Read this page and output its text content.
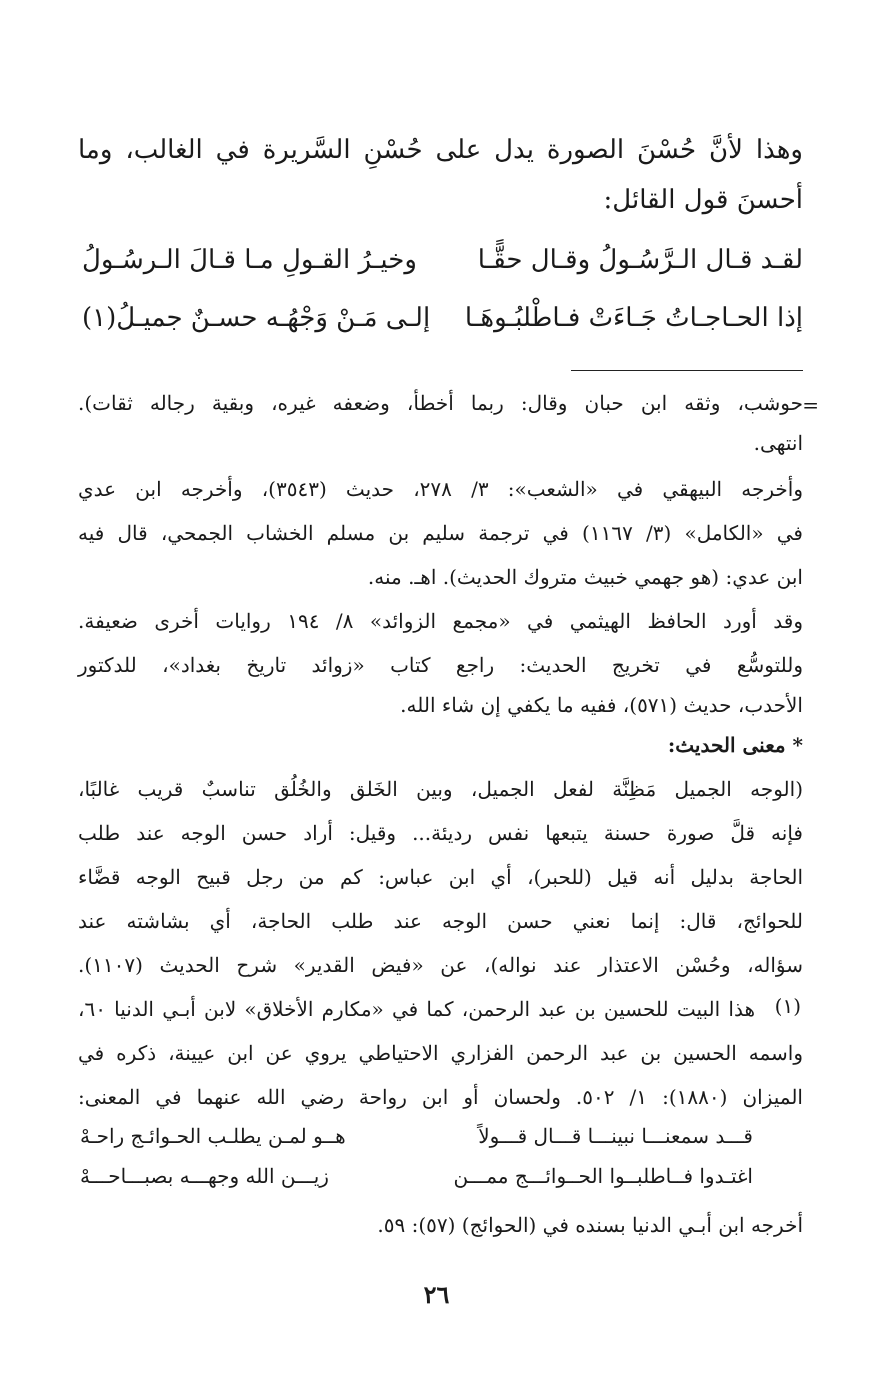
وهذا لأنَّ حُسْنَ الصورة يدل على حُسْنِ السَّريرة في الغالب، وما
أحسنَ قول القائل:
لقـد قـال الـرَّسُـولُ وقـال حقًّـا
وخيـرُ القـولِ مـا قـالَ الـرسُـولُ
إذا الحـاجـاتُ جَـاءَتْ فـاطْلبُـوهَـا
إلـى مَـنْ وَجْهُـه حسـنٌ جميـلُ(١)
=
حوشب، وثقه ابن حبان وقال: ربما أخطأ، وضعفه غيره، وبقية رجاله ثقات).
انتهى.
وأخرجه البيهقي في «الشعب»: ٣/ ٢٧٨، حديث (٣٥٤٣)، وأخرجه ابن عدي
في «الكامل» (٣/ ١١٦٧) في ترجمة سليم بن مسلم الخشاب الجمحي، قال فيه
ابن عدي: (هو جهمي خبيث متروك الحديث). اهـ. منه.
وقد أورد الحافظ الهيثمي في «مجمع الزوائد» ٨/ ١٩٤ روايات أخرى ضعيفة.
وللتوسُّع في تخريج الحديث: راجع كتاب «زوائد تاريخ بغداد»، للدكتور
الأحدب، حديث (٥٧١)، ففيه ما يكفي إن شاء الله.
* معنى الحديث:
(الوجه الجميل مَظِنَّة لفعل الجميل، وبين الخَلق والخُلُق تناسبٌ قريب غالبًا،
فإنه قلَّ صورة حسنة يتبعها نفس رديئة... وقيل: أراد حسن الوجه عند طلب
الحاجة بدليل أنه قيل (للحبر)، أي ابن عباس: كم من رجل قبيح الوجه قضَّاء
للحوائج، قال: إنما نعني حسن الوجه عند طلب الحاجة، أي بشاشته عند
سؤاله، وحُسْن الاعتذار عند نواله)، عن «فيض القدير» شرح الحديث (١١٠٧).
(١)
هذا البيت للحسين بن عبد الرحمن، كما في «مكارم الأخلاق» لابن أبـي الدنيا ٦٠،
واسمه الحسين بن عبد الرحمن الفزاري الاحتياطي يروي عن ابن عيينة، ذكره في
الميزان (١٨٨٠): ١/ ٥٠٢. ولحسان أو ابن رواحة رضي الله عنهما في المعنى:
قـــد سمعنـــا نبينـــا قـــال قـــولاً
هــو لمـن يطلـب الحـوائـج راحـهْ
اغتـدوا فــاطلبــوا الحــوائـــج ممـــن
زيـــن الله وجهـــه بصبـــاحـــهْ
أخرجه ابن أبـي الدنيا بسنده في (الحوائج) (٥٧): ٥٩.
٢٦
